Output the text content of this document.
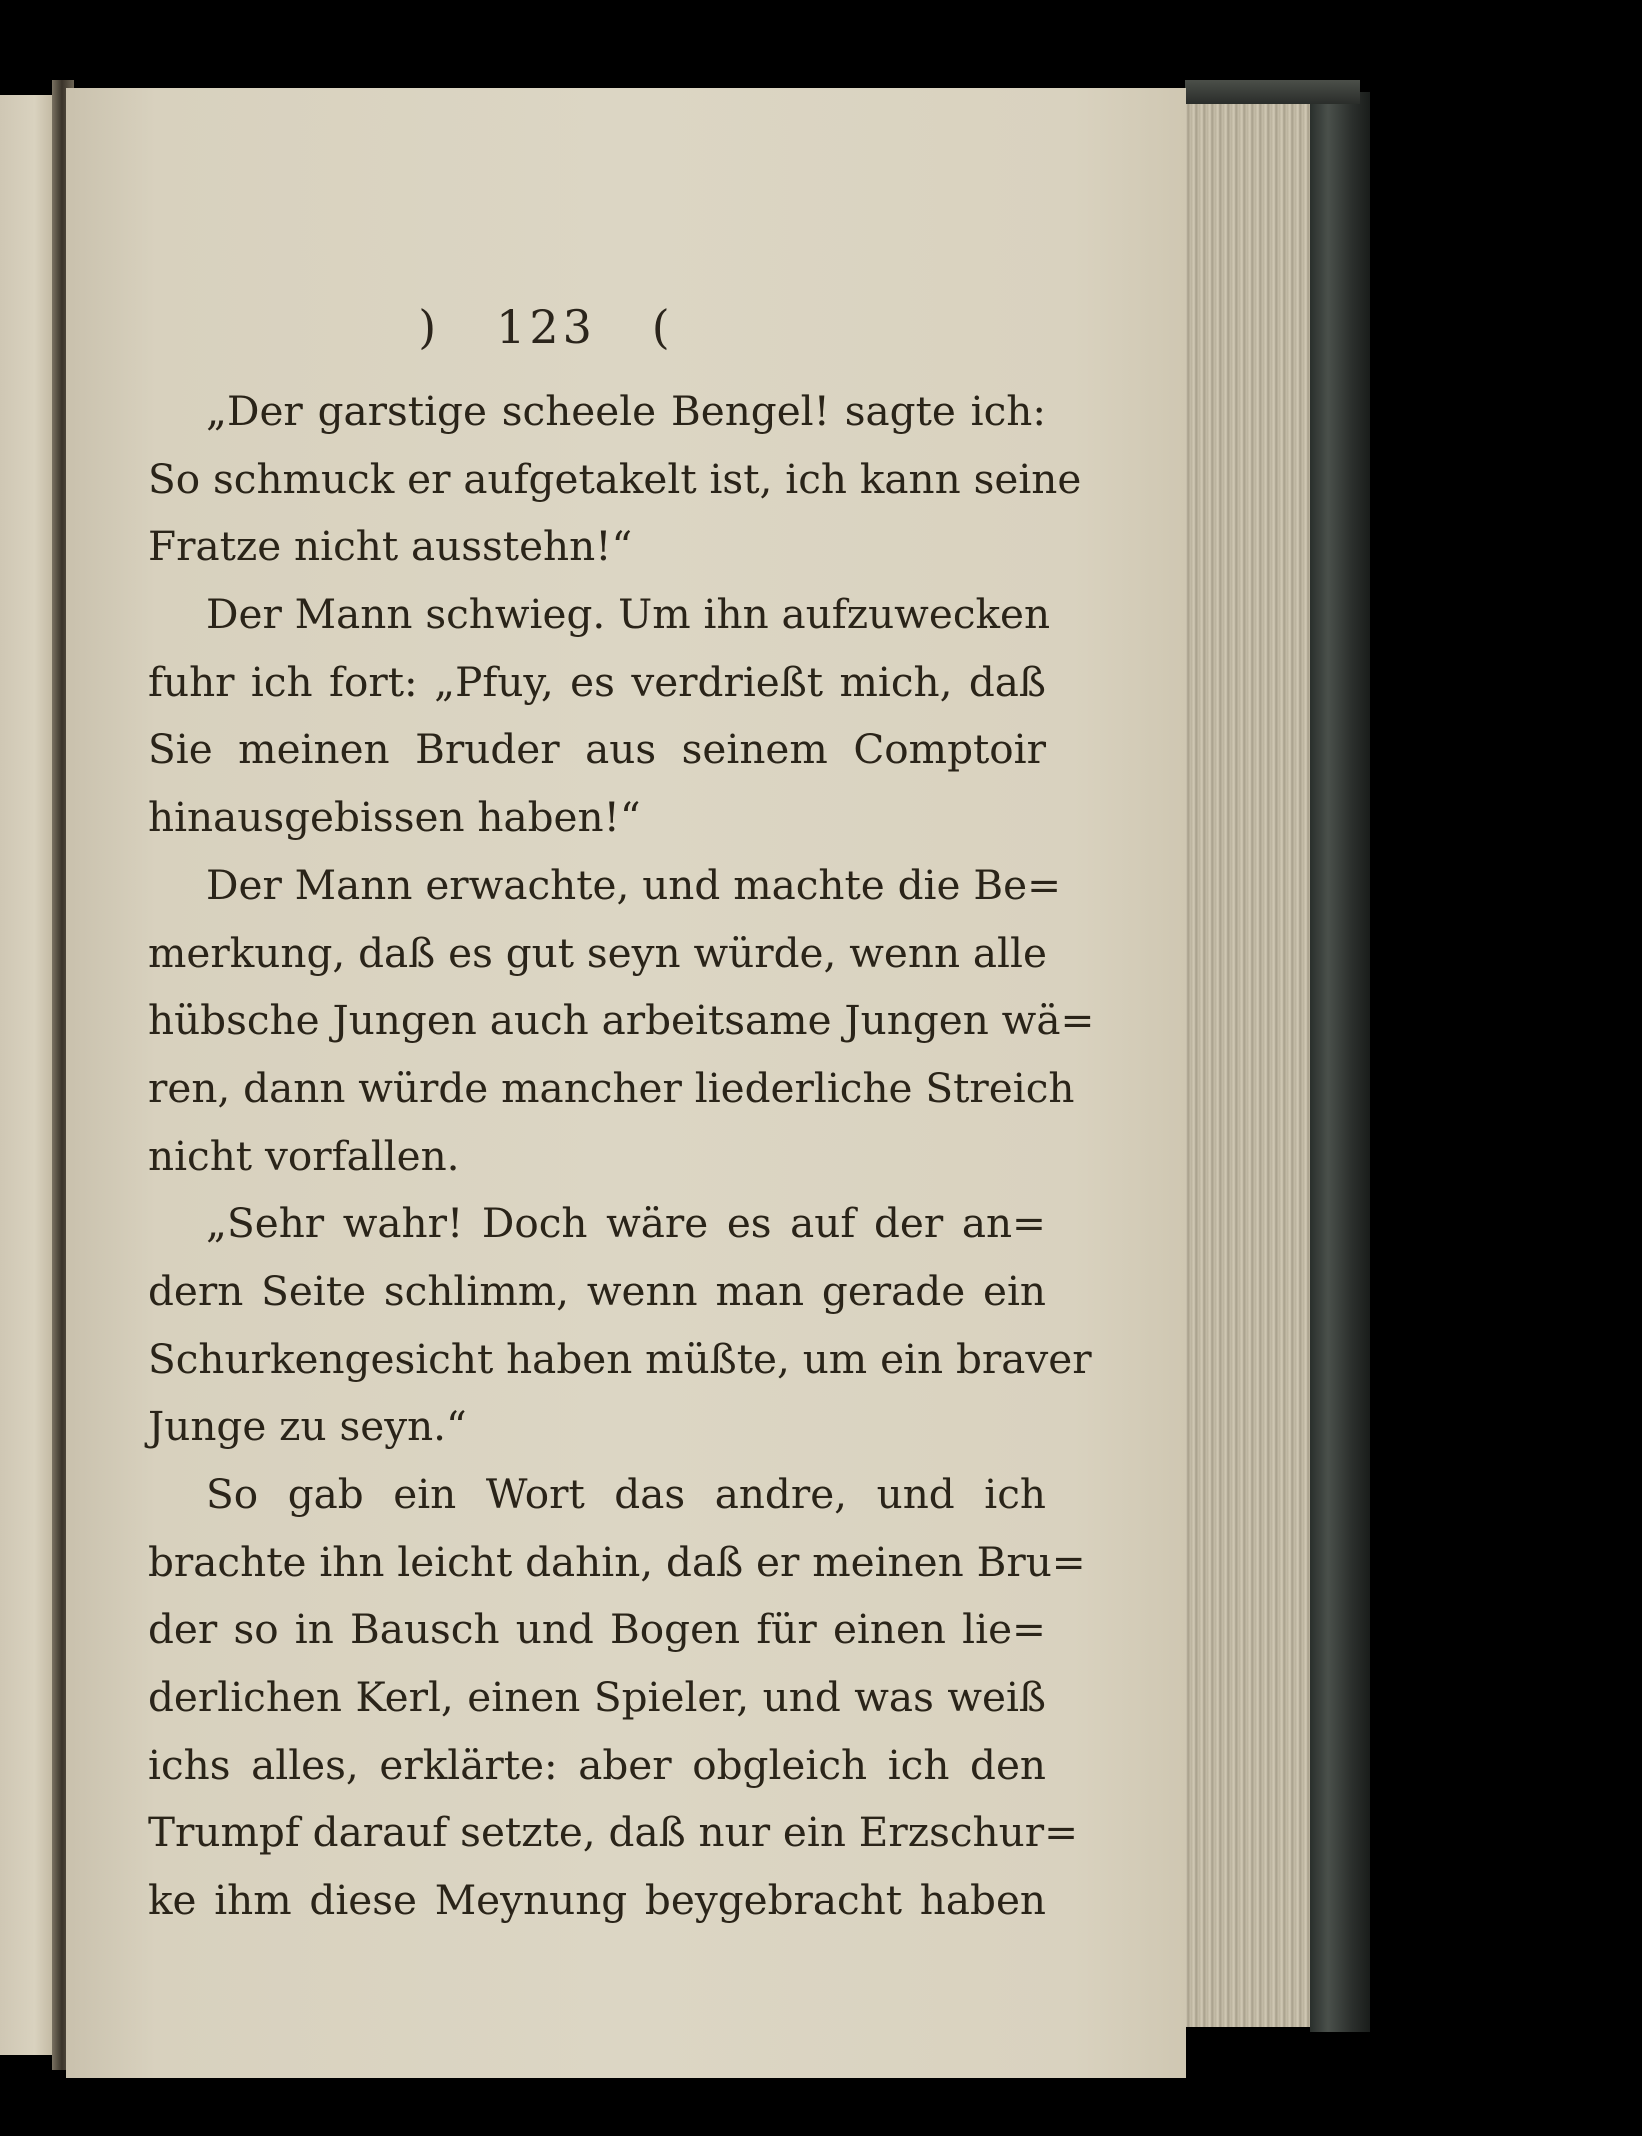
) 123 (
„Der garstige scheele Bengel! sagte ich:
So schmuck er aufgetakelt ist, ich kann seine
Fratze nicht ausstehn!“
Der Mann schwieg. Um ihn aufzuwecken
fuhr ich fort: „Pfuy, es verdrießt mich, daß
Sie meinen Bruder aus seinem Comptoir
hinausgebissen haben!“
Der Mann erwachte, und machte die Be=
merkung, daß es gut seyn würde, wenn alle
hübsche Jungen auch arbeitsame Jungen wä=
ren, dann würde mancher liederliche Streich
nicht vorfallen.
„Sehr wahr! Doch wäre es auf der an=
dern Seite schlimm, wenn man gerade ein
Schurkengesicht haben müßte, um ein braver
Junge zu seyn.“
So gab ein Wort das andre, und ich
brachte ihn leicht dahin, daß er meinen Bru=
der so in Bausch und Bogen für einen lie=
derlichen Kerl, einen Spieler, und was weiß
ichs alles, erklärte: aber obgleich ich den
Trumpf darauf setzte, daß nur ein Erzschur=
ke ihm diese Meynung beygebracht haben
